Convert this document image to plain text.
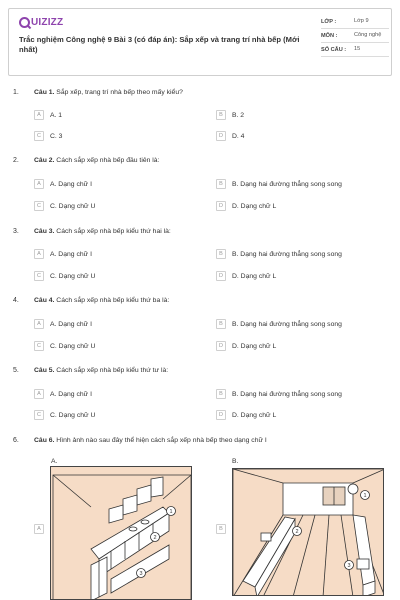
UIZIZZ
Trắc nghiệm Công nghệ 9 Bài 3 (có đáp án): Sắp xếp và trang trí nhà bếp (Mới nhất)
LỚP :	Lớp 9
MÔN :	Công nghệ
SỐ CÂU :	15
1. Câu 1. Sắp xếp, trang trí nhà bếp theo mấy kiểu?
A	A. 1	B	B. 2
C	C. 3	D	D. 4
2. Câu 2. Cách sắp xếp nhà bếp đầu tiên là:
A	A. Dạng chữ I	B	B. Dạng hai đường thẳng song song
C	C. Dạng chữ U	D	D. Dạng chữ L
3. Câu 3. Cách sắp xếp nhà bếp kiểu thứ hai là:
A	A. Dạng chữ I	B	B. Dạng hai đường thẳng song song
C	C. Dạng chữ U	D	D. Dạng chữ L
4. Câu 4. Cách sắp xếp nhà bếp kiểu thứ ba là:
A	A. Dạng chữ I	B	B. Dạng hai đường thẳng song song
C	C. Dạng chữ U	D	D. Dạng chữ L
5. Câu 5. Cách sắp xếp nhà bếp kiểu thứ tư là:
A	A. Dạng chữ I	B	B. Dạng hai đường thẳng song song
C	C. Dạng chữ U	D	D. Dạng chữ L
6. Câu 6. Hình ảnh nào sau đây thể hiện cách sắp xếp nhà bếp theo dạng chữ I
A.
A
1
2
3
B.
B
1
2
3
